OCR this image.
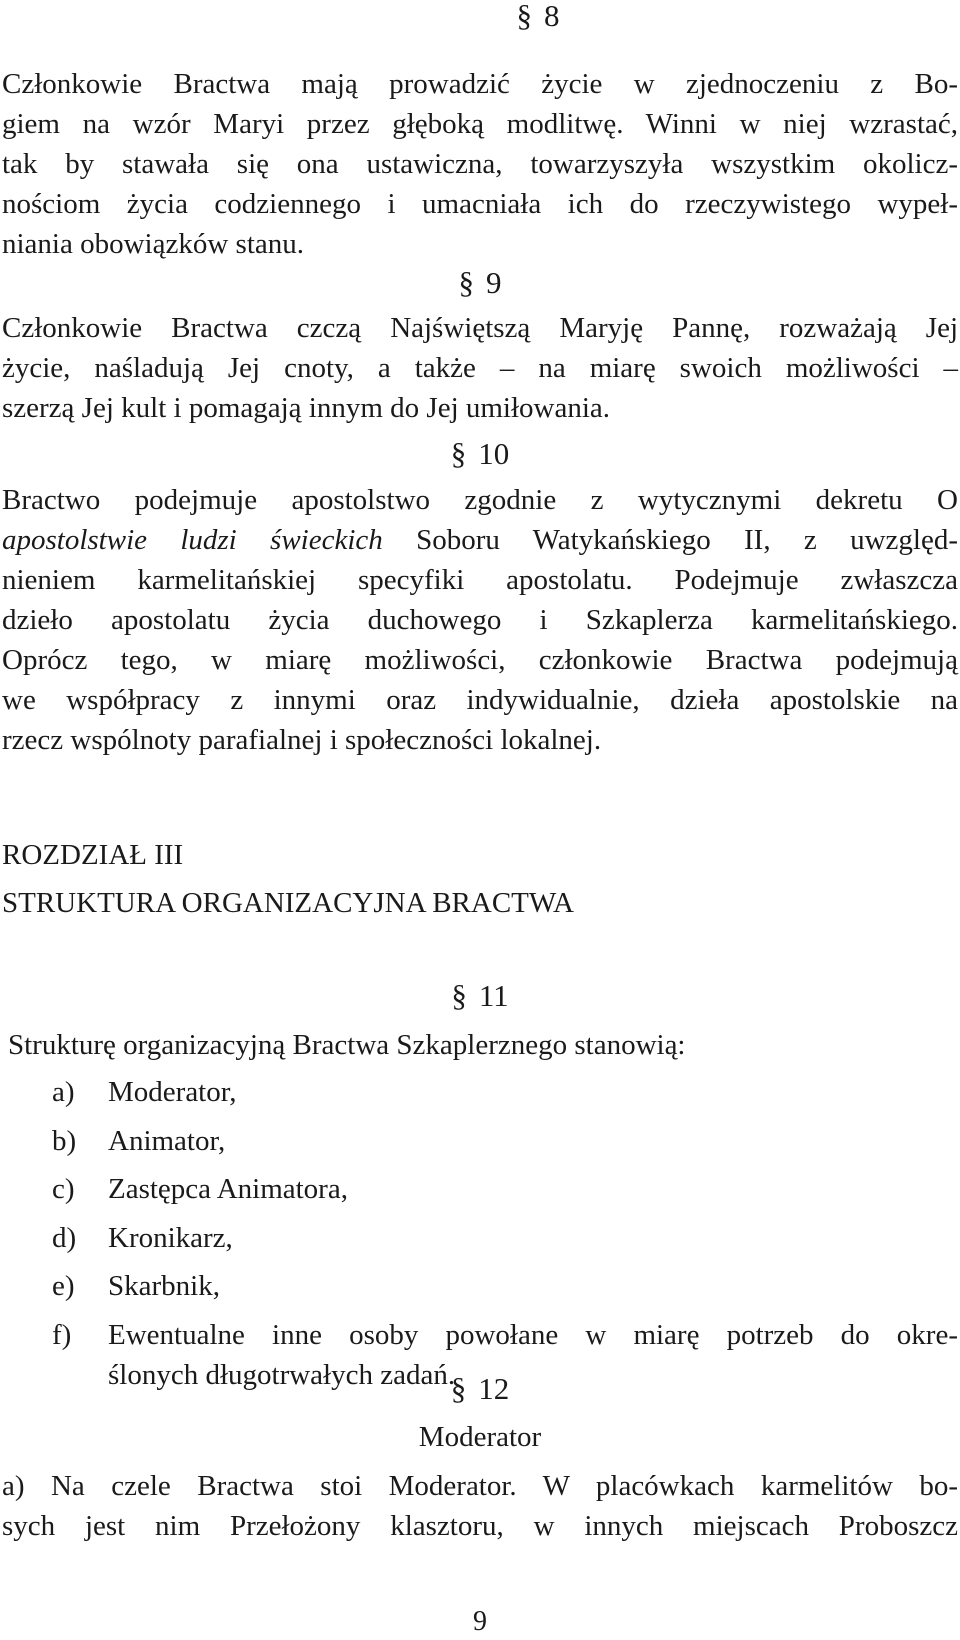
§ 8
Członkowie Bractwa mają prowadzić życie w zjednoczeniu z Bo-
giem na wzór Maryi przez głęboką modlitwę. Winni w niej wzrastać,
tak by stawała się ona ustawiczna, towarzyszyła wszystkim okolicz-
nościom życia codziennego i umacniała ich do rzeczywistego wypeł-
niania obowiązków stanu.
§ 9
Członkowie Bractwa czczą Najświętszą Maryję Pannę, rozważają Jej
życie, naśladują Jej cnoty, a także – na miarę swoich możliwości –
szerzą Jej kult i pomagają innym do Jej umiłowania.
§ 10
Bractwo podejmuje apostolstwo zgodnie z wytycznymi dekretu O
apostolstwie ludzi świeckich Soboru Watykańskiego II, z uwzględ-
nieniem karmelitańskiej specyfiki apostolatu. Podejmuje zwłaszcza
dzieło apostolatu życia duchowego i Szkaplerza karmelitańskiego.
Oprócz tego, w miarę możliwości, członkowie Bractwa podejmują
we współpracy z innymi oraz indywidualnie, dzieła apostolskie na
rzecz wspólnoty parafialnej i społeczności lokalnej.
ROZDZIAŁ III
STRUKTURA ORGANIZACYJNA BRACTWA
§ 11
Strukturę organizacyjną Bractwa Szkaplerznego stanowią:
a) Moderator,
b) Animator,
c) Zastępca Animatora,
d) Kronikarz,
e) Skarbnik,
f) Ewentualne inne osoby powołane w miarę potrzeb do okre-
ślonych długotrwałych zadań.
§ 12
Moderator
a) Na czele Bractwa stoi Moderator. W placówkach karmelitów bo-
sych jest nim Przełożony klasztoru, w innych miejscach Proboszcz
9
